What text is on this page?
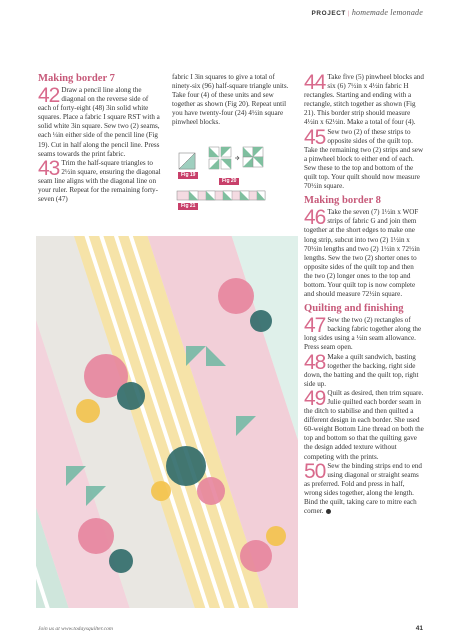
PROJECT | homemade lemonade
Making border 7

42 Draw a pencil line along the diagonal on the reverse side of each of forty-eight (48) 3in solid white squares. Place a fabric I square RST with a solid white 3in square. Sew two (2) seams, each ¼in either side of the pencil line (Fig 19). Cut in half along the pencil line. Press seams towards the print fabric.

43 Trim the half-square triangles to 2½in square, ensuring the diagonal seam line aligns with the diagonal line on your ruler. Repeat for the remaining forty-seven (47)

fabric I 3in squares to give a total of ninety-six (96) half-square triangle units. Take four (4) of these units and sew together as shown (Fig 20). Repeat until you have twenty-four (24) 4½in square pinwheel blocks.

Fig 19
Fig 20
Fig 21

44 Take five (5) pinwheel blocks and six (6) 7½in x 4½in fabric H rectangles. Starting and ending with a rectangle, stitch together as shown (Fig 21). This border strip should measure 4½in x 62½in. Make a total of four (4).

45 Sew two (2) of these strips to opposite sides of the quilt top. Take the remaining two (2) strips and sew a pinwheel block to either end of each. Sew these to the top and bottom of the quilt top. Your quilt should now measure 70½in square.

Making border 8

46 Take the seven (7) 1½in x WOF strips of fabric G and join them together at the short edges to make one long strip, subcut into two (2) 1½in x 70½in lengths and two (2) 1½in x 72½in lengths. Sew the two (2) shorter ones to opposite sides of the quilt top and then the two (2) longer ones to the top and bottom. Your quilt top is now complete and should measure 72½in square.

Quilting and finishing

47 Sew the two (2) rectangles of backing fabric together along the long sides using a ½in seam allowance. Press seam open.

48 Make a quilt sandwich, basting together the backing, right side down, the batting and the quilt top, right side up.

49 Quilt as desired, then trim square. Julie quilted each border seam in the ditch to stabilise and then quilted a different design in each border. She used 60-weight Bottom Line thread on both the top and bottom so that the quilting gave the design added texture without competing with the prints.

50 Sew the binding strips end to end using diagonal or straight seams as preferred. Fold and press in half, wrong sides together, along the length. Bind the quilt, taking care to mitre each corner.

Join us at www.todaysquilter.com	41
